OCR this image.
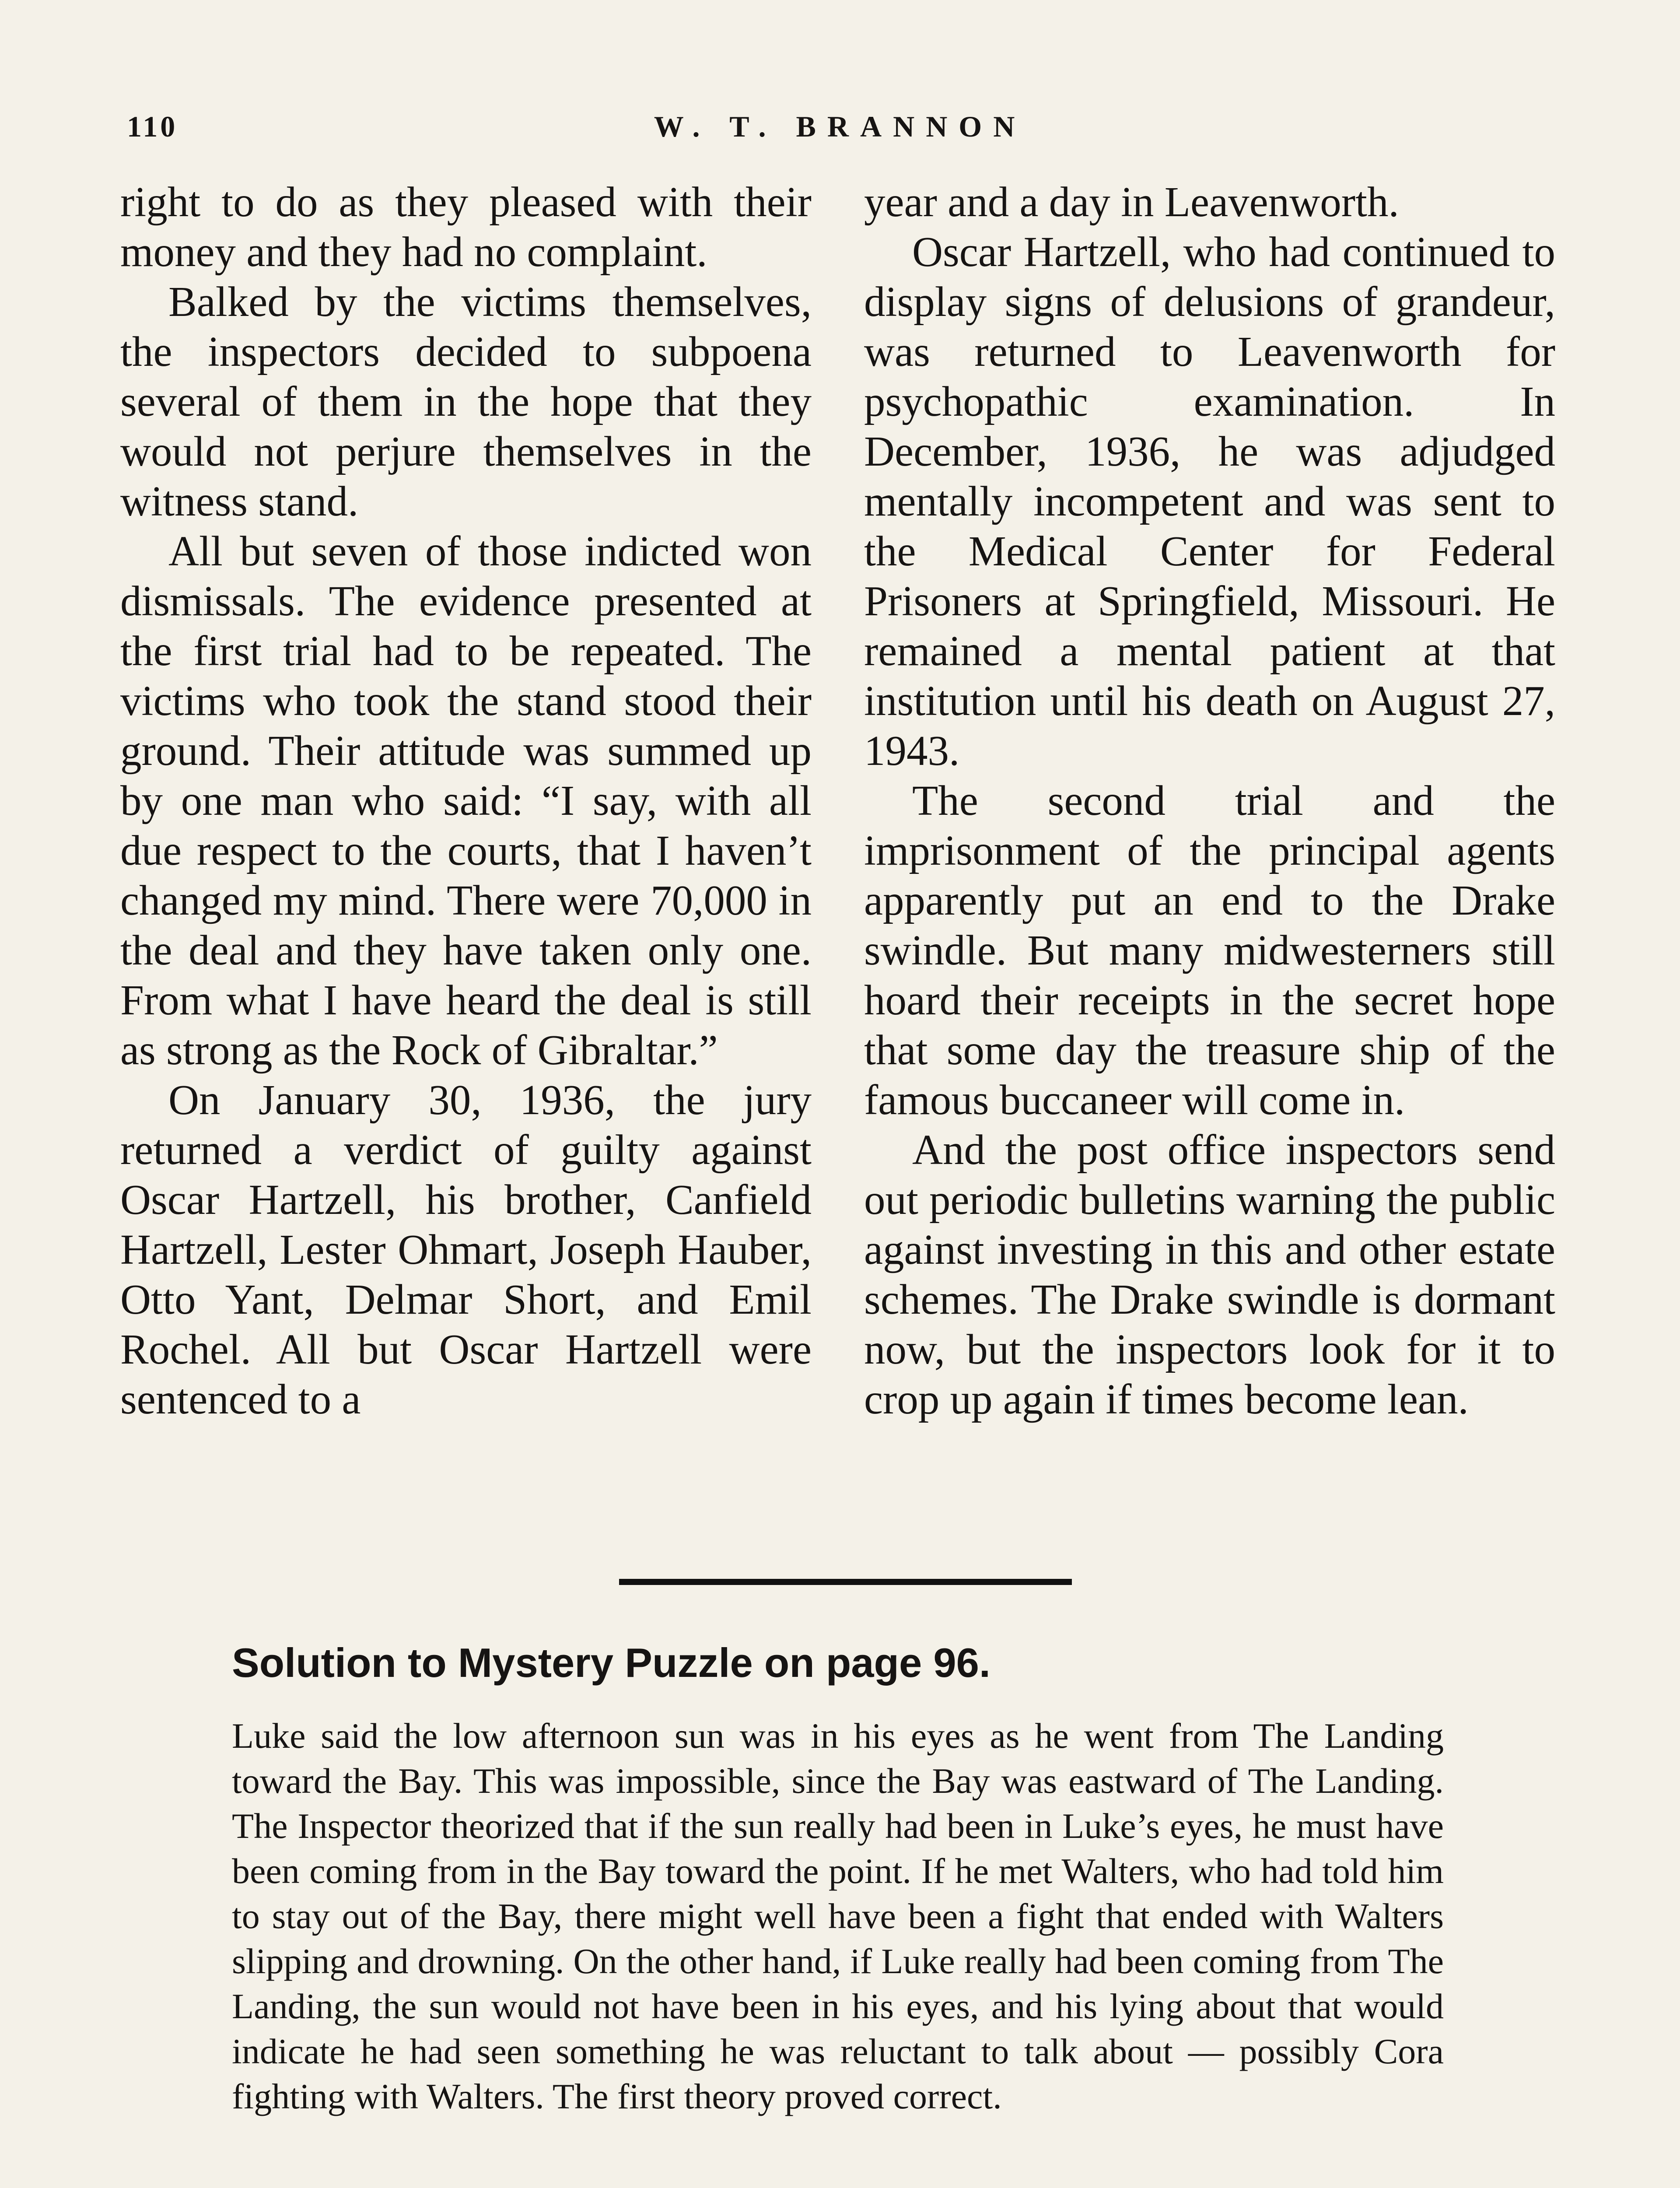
110	W. T. BRANNON

right to do as they pleased with their money and they had no complaint.

Balked by the victims themselves, the inspectors decided to subpoena several of them in the hope that they would not perjure themselves in the witness stand.

All but seven of those indicted won dismissals. The evidence presented at the first trial had to be repeated. The victims who took the stand stood their ground. Their attitude was summed up by one man who said: “I say, with all due respect to the courts, that I haven’t changed my mind. There were 70,000 in the deal and they have taken only one. From what I have heard the deal is still as strong as the Rock of Gibraltar.”

On January 30, 1936, the jury returned a verdict of guilty against Oscar Hartzell, his brother, Canfield Hartzell, Lester Ohmart, Joseph Hauber, Otto Yant, Delmar Short, and Emil Rochel. All but Oscar Hartzell were sentenced to a

year and a day in Leavenworth.

Oscar Hartzell, who had continued to display signs of delusions of grandeur, was returned to Leavenworth for psychopathic examination. In December, 1936, he was adjudged mentally incompetent and was sent to the Medical Center for Federal Prisoners at Springfield, Missouri. He remained a mental patient at that institution until his death on August 27, 1943.

The second trial and the imprisonment of the principal agents apparently put an end to the Drake swindle. But many midwesterners still hoard their receipts in the secret hope that some day the treasure ship of the famous buccaneer will come in.

And the post office inspectors send out periodic bulletins warning the public against investing in this and other estate schemes. The Drake swindle is dormant now, but the inspectors look for it to crop up again if times become lean.

Solution to Mystery Puzzle on page 96.

Luke said the low afternoon sun was in his eyes as he went from The Landing toward the Bay. This was impossible, since the Bay was eastward of The Landing. The Inspector theorized that if the sun really had been in Luke’s eyes, he must have been coming from in the Bay toward the point. If he met Walters, who had told him to stay out of the Bay, there might well have been a fight that ended with Walters slipping and drowning. On the other hand, if Luke really had been coming from The Landing, the sun would not have been in his eyes, and his lying about that would indicate he had seen something he was reluctant to talk about — possibly Cora fighting with Walters. The first theory proved correct.
